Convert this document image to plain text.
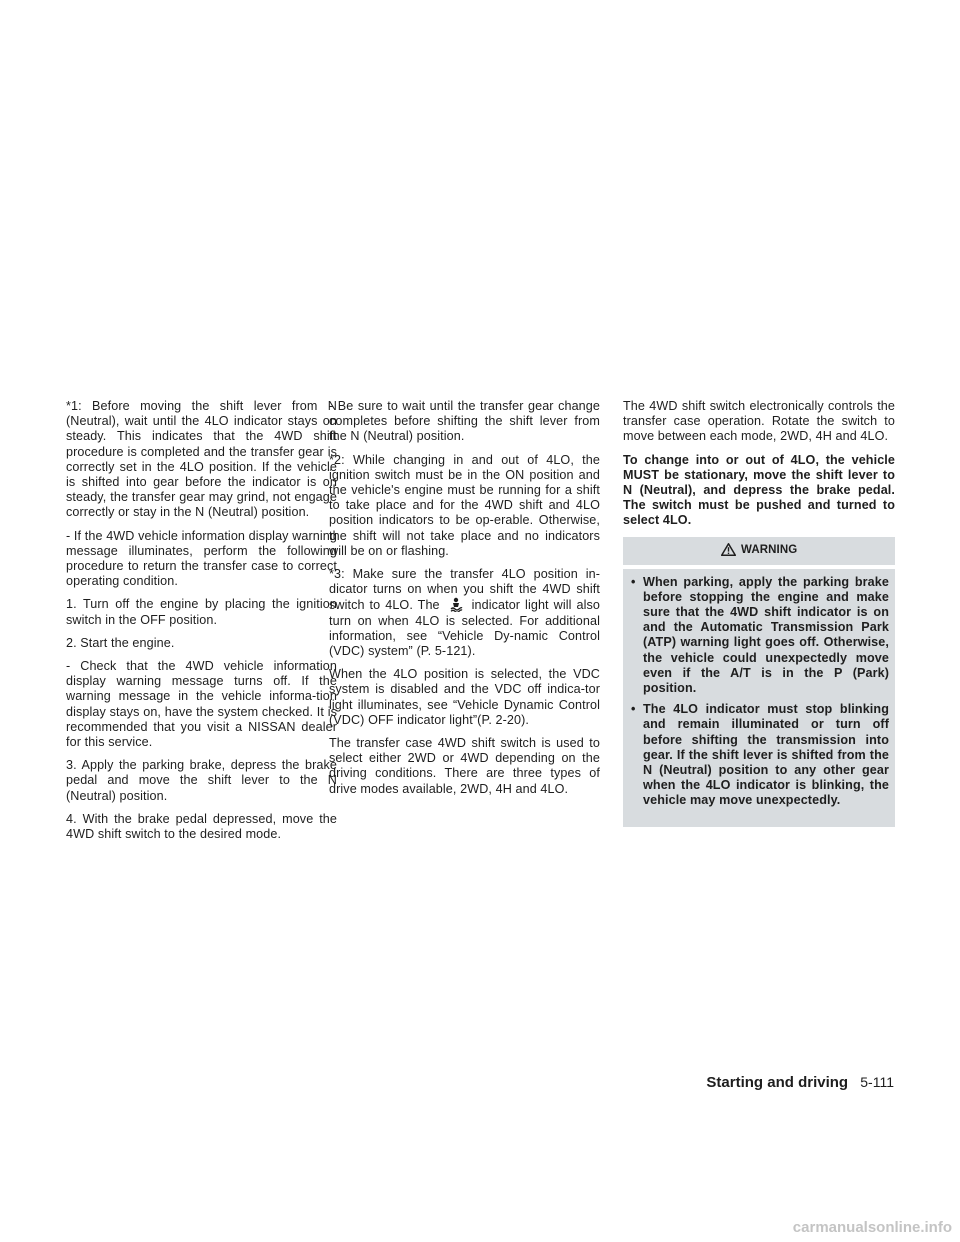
*1: Before moving the shift lever from N (Neutral), wait until the 4LO indicator stays on steady. This indicates that the 4WD shift procedure is completed and the transfer gear is correctly set in the 4LO position. If the vehicle is shifted into gear before the indicator is on steady, the transfer gear may grind, not engage correctly or stay in the N (Neutral) position.

- If the 4WD vehicle information display warning message illuminates, perform the following procedure to return the transfer case to correct operating condition.

1. Turn off the engine by placing the ignition switch in the OFF position.

2. Start the engine.

- Check that the 4WD vehicle information display warning message turns off. If the warning message in the vehicle informa-tion display stays on, have the system checked. It is recommended that you visit a NISSAN dealer for this service.

3. Apply the parking brake, depress the brake pedal and move the shift lever to the N (Neutral) position.

4. With the brake pedal depressed, move the 4WD shift switch to the desired mode.

- Be sure to wait until the transfer gear change completes before shifting the shift lever from the N (Neutral) position.

*2: While changing in and out of 4LO, the ignition switch must be in the ON position and the vehicle's engine must be running for a shift to take place and for the 4WD shift and 4LO position indicators to be op-erable. Otherwise, the shift will not take place and no indicators will be on or flashing.

*3: Make sure the transfer 4LO position in-dicator turns on when you shift the 4WD shift switch to 4LO. The	indicator light will also turn on when 4LO is selected. For additional information, see “Vehicle Dy-namic Control (VDC) system” (P. 5-121).

When the 4LO position is selected, the VDC system is disabled and the VDC off indica-tor light illuminates, see “Vehicle Dynamic Control (VDC) OFF indicator light”(P. 2-20).

The transfer case 4WD shift switch is used to select either 2WD or 4WD depending on the driving conditions. There are three types of drive modes available, 2WD, 4H and 4LO.

The 4WD shift switch electronically controls the transfer case operation. Rotate the switch to move between each mode, 2WD, 4H and 4LO.

To change into or out of 4LO, the vehicle MUST be stationary, move the shift lever to N (Neutral), and depress the brake pedal. The switch must be pushed and turned to select 4LO.

WARNING
• When parking, apply the parking brake before stopping the engine and make sure that the 4WD shift indicator is on and the Automatic Transmission Park (ATP) warning light goes off. Otherwise, the vehicle could unexpectedly move even if the A/T is in the P (Park) position.
• The 4LO indicator must stop blinking and remain illuminated or turn off before shifting the transmission into gear. If the shift lever is shifted from the N (Neutral) position to any other gear when the 4LO indicator is blinking, the vehicle may move unexpectedly.
Starting and driving 5-111
carmanualsonline.info
